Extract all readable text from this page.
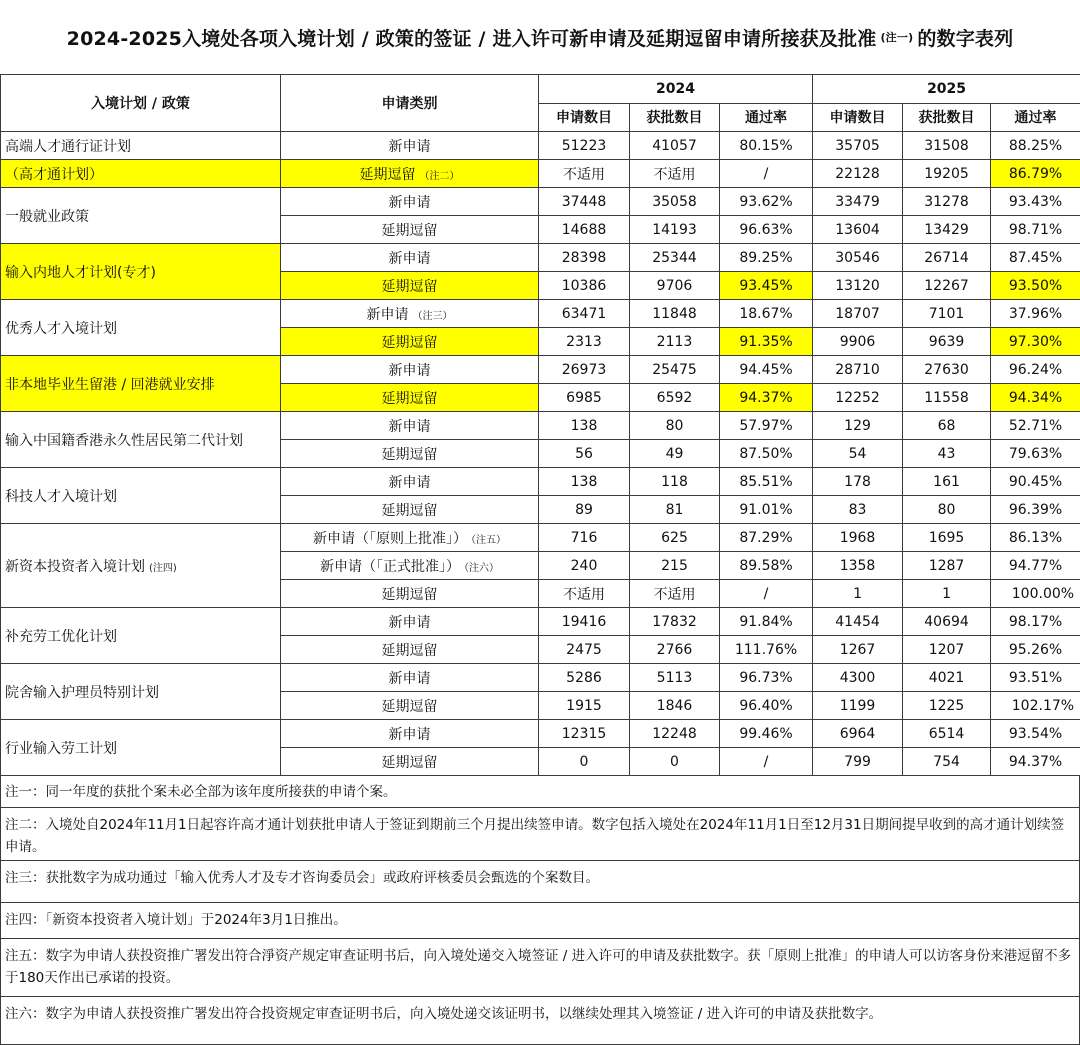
2024-2025入境处各项入境计划 / 政策的签证 / 进入许可新申请及延期逗留申请所接获及批准 (注一) 的数字表列
入境计划 / 政策	申请类别	2024			2025		
		申请数目	获批数目	通过率	申请数目	获批数目	通过率
高端人才通行证计划	新申请	51223	41057	80.15%	35705	31508	88.25%
（高才通计划）	延期逗留 （注二）	不适用	不适用	/	22128	19205	86.79%
一般就业政策	新申请	37448	35058	93.62%	33479	31278	93.43%
	延期逗留	14688	14193	96.63%	13604	13429	98.71%
输入内地人才计划(专才)	新申请	28398	25344	89.25%	30546	26714	87.45%
	延期逗留	10386	9706	93.45%	13120	12267	93.50%
优秀人才入境计划	新申请 （注三）	63471	11848	18.67%	18707	7101	37.96%
	延期逗留	2313	2113	91.35%	9906	9639	97.30%
非本地毕业生留港 / 回港就业安排	新申请	26973	25475	94.45%	28710	27630	96.24%
	延期逗留	6985	6592	94.37%	12252	11558	94.34%
输入中国籍香港永久性居民第二代计划	新申请	138	80	57.97%	129	68	52.71%
	延期逗留	56	49	87.50%	54	43	79.63%
科技人才入境计划	新申请	138	118	85.51%	178	161	90.45%
	延期逗留	89	81	91.01%	83	80	96.39%
新资本投资者入境计划 (注四)	新申请（「原则上批准」） （注五）	716	625	87.29%	1968	1695	86.13%
	新申请（「正式批准」） （注六）	240	215	89.58%	1358	1287	94.77%
	延期逗留	不适用	不适用	/	1	1	100.00%
补充劳工优化计划	新申请	19416	17832	91.84%	41454	40694	98.17%
	延期逗留	2475	2766	111.76%	1267	1207	95.26%
院舍输入护理员特别计划	新申请	5286	5113	96.73%	4300	4021	93.51%
	延期逗留	1915	1846	96.40%	1199	1225	102.17%
行业输入劳工计划	新申请	12315	12248	99.46%	6964	6514	93.54%
	延期逗留	0	0	/	799	754	94.37%
注一：同一年度的获批个案未必全部为该年度所接获的申请个案。
注二：入境处自2024年11月1日起容许高才通计划获批申请人于签证到期前三个月提出续签申请。数字包括入境处在2024年11月1日至12月31日期间提早收到的高才通计划续签申请。
注三：获批数字为成功通过「输入优秀人才及专才咨询委员会」或政府评核委员会甄选的个案数目。
注四：「新资本投资者入境计划」于2024年3月1日推出。
注五：数字为申请人获投资推广署发出符合淨资产规定审查证明书后，向入境处递交入境签证 / 进入许可的申请及获批数字。获「原则上批准」的申请人可以访客身份来港逗留不多于180天作出已承诺的投资。
注六：数字为申请人获投资推广署发出符合投资规定审查证明书后，向入境处递交该证明书，以继续处理其入境签证 / 进入许可的申请及获批数字。
